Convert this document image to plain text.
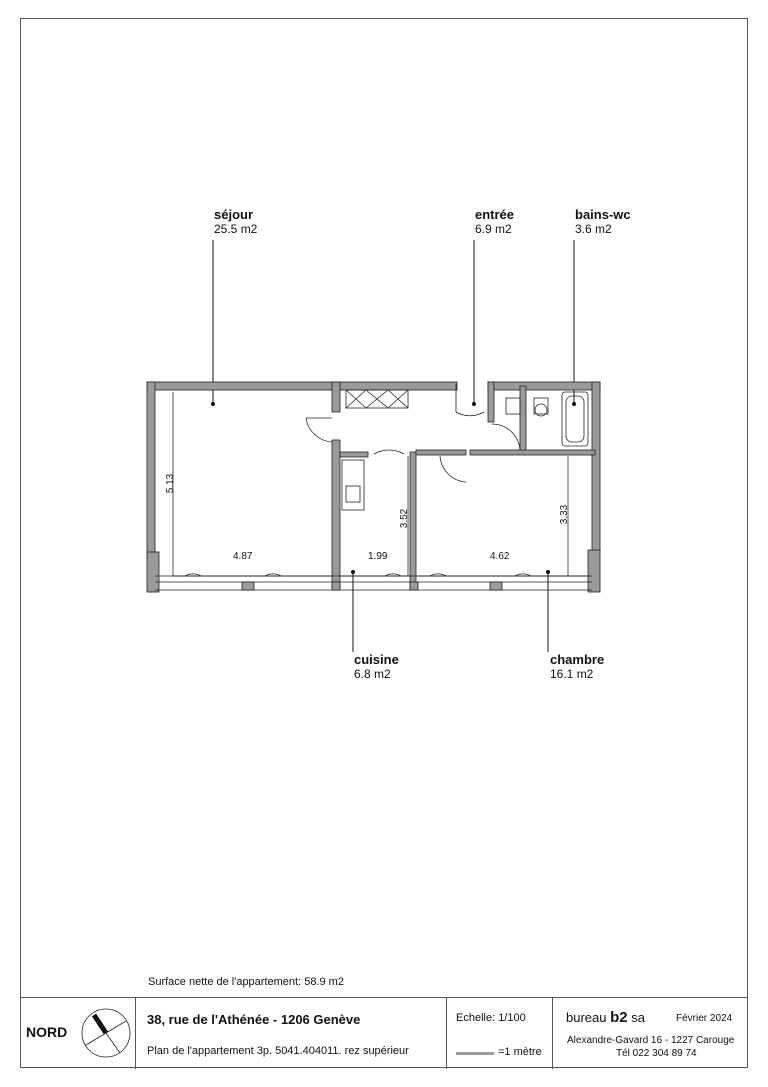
séjour
25.5 m2
entrée
6.9 m2
bains-wc
3.6 m2
cuisine
6.8 m2
chambre
16.1 m2
5.13
4.87
3.52
1.99
3.33
4.62
Surface nette de l'appartement: 58.9 m2
NORD
38, rue de l'Athénée - 1206 Genève
Plan de l'appartement 3p. 5041.404011. rez supérieur
Echelle: 1/100
=1 mètre
bureau b2 sa	Février 2024
Alexandre-Gavard 16 - 1227 Carouge
Tél 022 304 89 74
